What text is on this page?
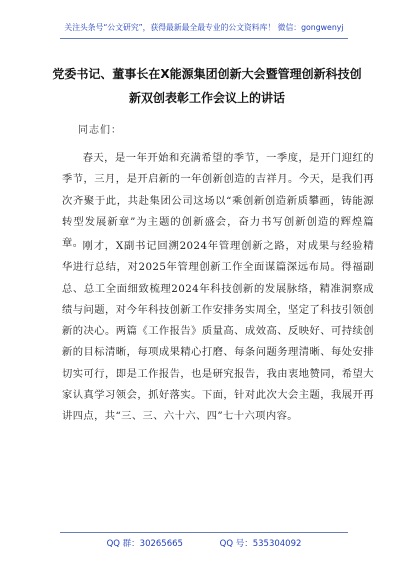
关注头条号“公文研究”，获得最新最全最专业的公文资料库！ 微信：gongwenyj
党委书记、董事长在X能源集团创新大会暨管理创新科技创新双创表彰工作会议上的讲话
同志们：

春天，是一年开始和充满希望的季节，一季度，是开门迎红的季节，三月，是开启新的一年创新创造的吉祥月。今天，是我们再次齐聚于此，共赴集团公司这场以“乘创新创造新质攀画，铸能源转型发展新章”为主题的创新盛会，奋力书写创新创造的辉煌篇章。 刚才，X副书记回溯2024年管理创新之路，对成果与经验精华进行总结，对2025年管理创新工作全面谋篇深远布局。得福副总、总工全面细致梳理2024年科技创新的发展脉络，精准洞察成绩与问题，对今年科技创新工作安排务实周全，坚定了科技引领创新的决心。两篇《工作报告》质量高、成效高、反映好、可持续创新的目标清晰，每项成果精心打磨、每条问题务理清晰、每处安排切实可行，即是工作报告，也是研究报告，我由衷地赞同，希望大家认真学习领会，抓好落实。下面，针对此次大会主题，我展开再讲四点，共“三、三、六十六、四”七十六项内容。

QQ 群：30265665	QQ 号：535304092
